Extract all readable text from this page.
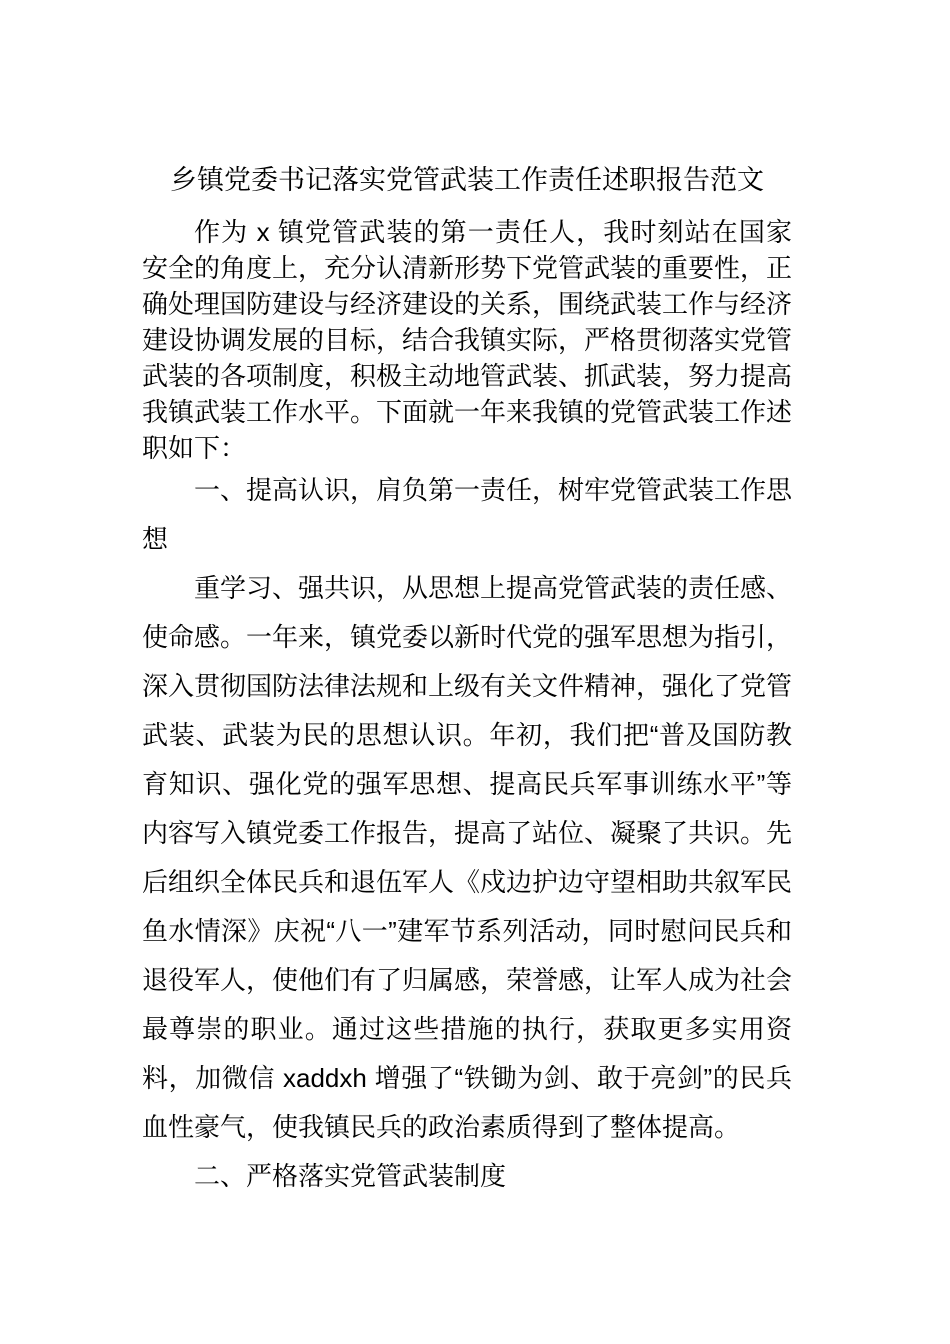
乡镇党委书记落实党管武装工作责任述职报告范文

作为 x 镇党管武装的第一责任人，我时刻站在国家安全的角度上，充分认清新形势下党管武装的重要性，正确处理国防建设与经济建设的关系，围绕武装工作与经济建设协调发展的目标，结合我镇实际，严格贯彻落实党管武装的各项制度，积极主动地管武装、抓武装，努力提高我镇武装工作水平。下面就一年来我镇的党管武装工作述职如下：

一、提高认识，肩负第一责任，树牢党管武装工作思想

重学习、强共识，从思想上提高党管武装的责任感、使命感。一年来，镇党委以新时代党的强军思想为指引，深入贯彻国防法律法规和上级有关文件精神，强化了党管武装、武装为民的思想认识。年初，我们把“普及国防教育知识、强化党的强军思想、提高民兵军事训练水平”等内容写入镇党委工作报告，提高了站位、凝聚了共识。先后组织全体民兵和退伍军人《戍边护边守望相助共叙军民鱼水情深》庆祝“八一”建军节系列活动，同时慰问民兵和退役军人，使他们有了归属感，荣誉感，让军人成为社会最尊崇的职业。通过这些措施的执行，获取更多实用资料，加微信 xaddxh 增强了“铁锄为剑、敢于亮剑”的民兵血性豪气，使我镇民兵的政治素质得到了整体提高。

二、严格落实党管武装制度
